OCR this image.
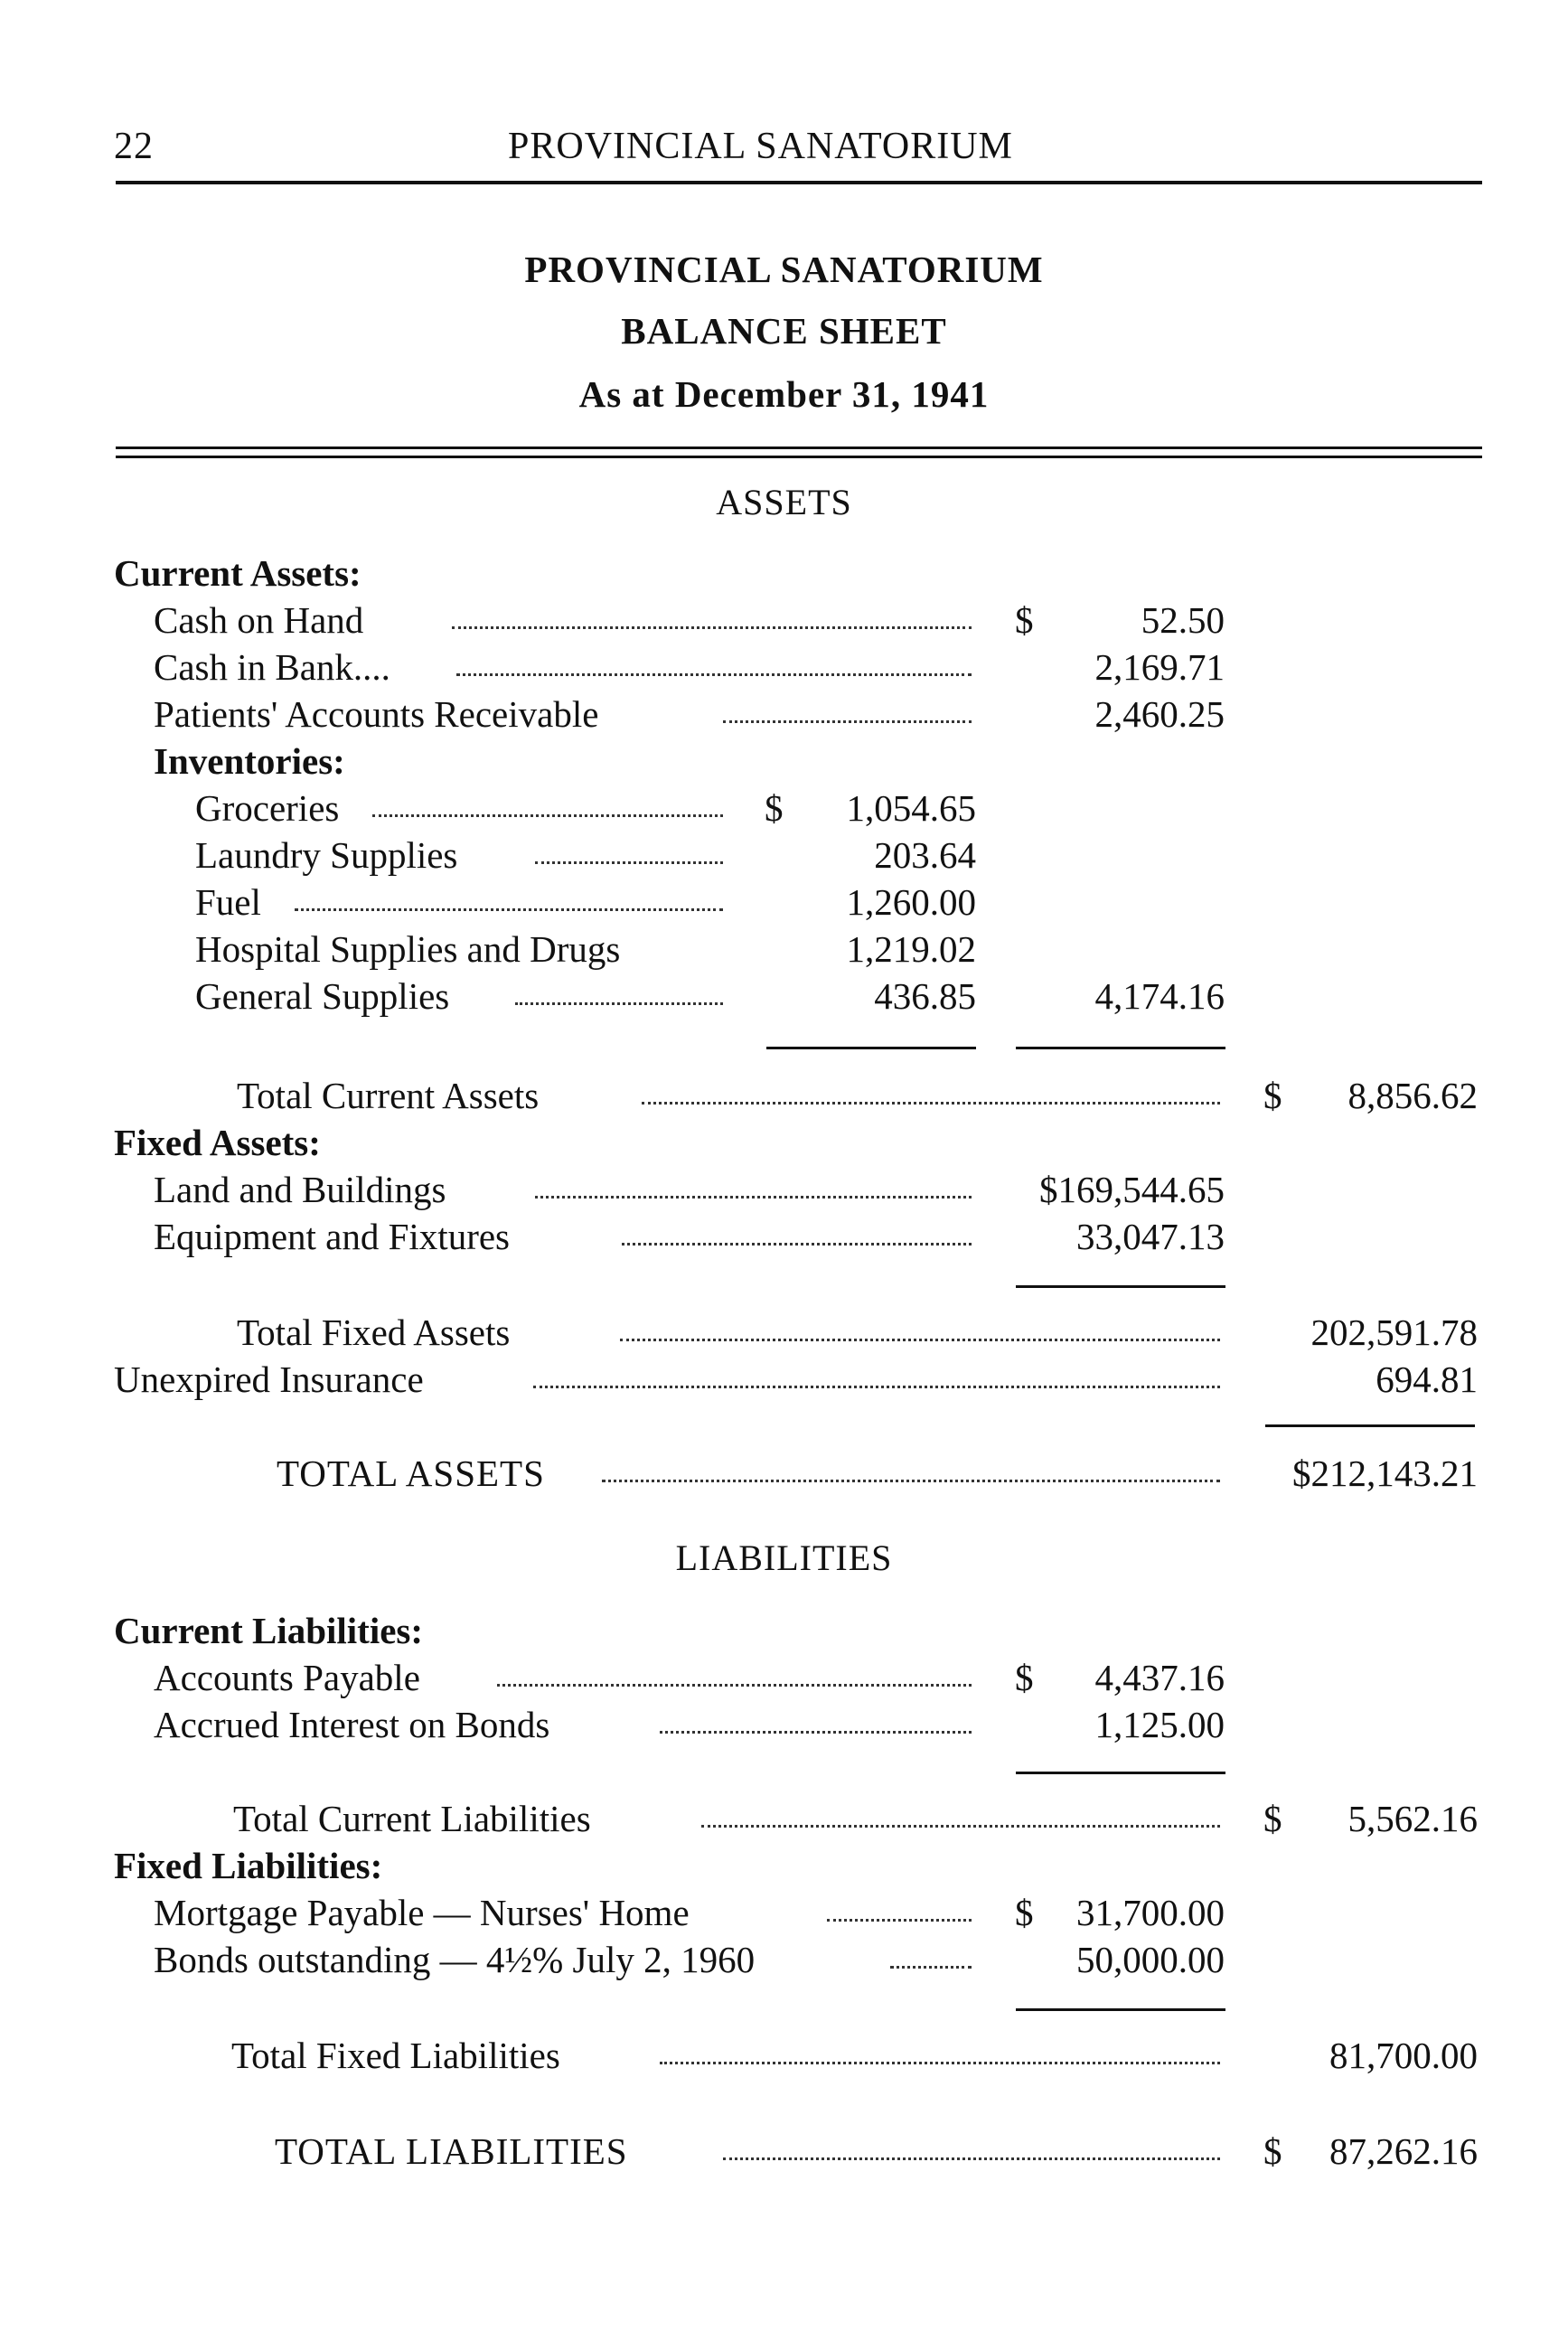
22	PROVINCIAL SANATORIUM
PROVINCIAL SANATORIUM
BALANCE SHEET
As at December 31, 1941
ASSETS
Current Assets:
Cash on Hand	$	52.50
Cash in Bank....	2,169.71
Patients' Accounts Receivable	2,460.25
Inventories:
Groceries	$ 1,054.65
Laundry Supplies	203.64
Fuel	1,260.00
Hospital Supplies and Drugs	1,219.02
General Supplies	436.85	4,174.16
Total Current Assets	$ 8,856.62
Fixed Assets:
Land and Buildings	$169,544.65
Equipment and Fixtures	33,047.13
Total Fixed Assets	202,591.78
Unexpired Insurance	694.81
TOTAL ASSETS	$212,143.21
LIABILITIES
Current Liabilities:
Accounts Payable	$ 4,437.16
Accrued Interest on Bonds	1,125.00
Total Current Liabilities	$ 5,562.16
Fixed Liabilities:
Mortgage Payable — Nurses' Home	$ 31,700.00
Bonds outstanding — 4½% July 2, 1960	50,000.00
Total Fixed Liabilities	81,700.00
TOTAL LIABILITIES	$ 87,262.16
